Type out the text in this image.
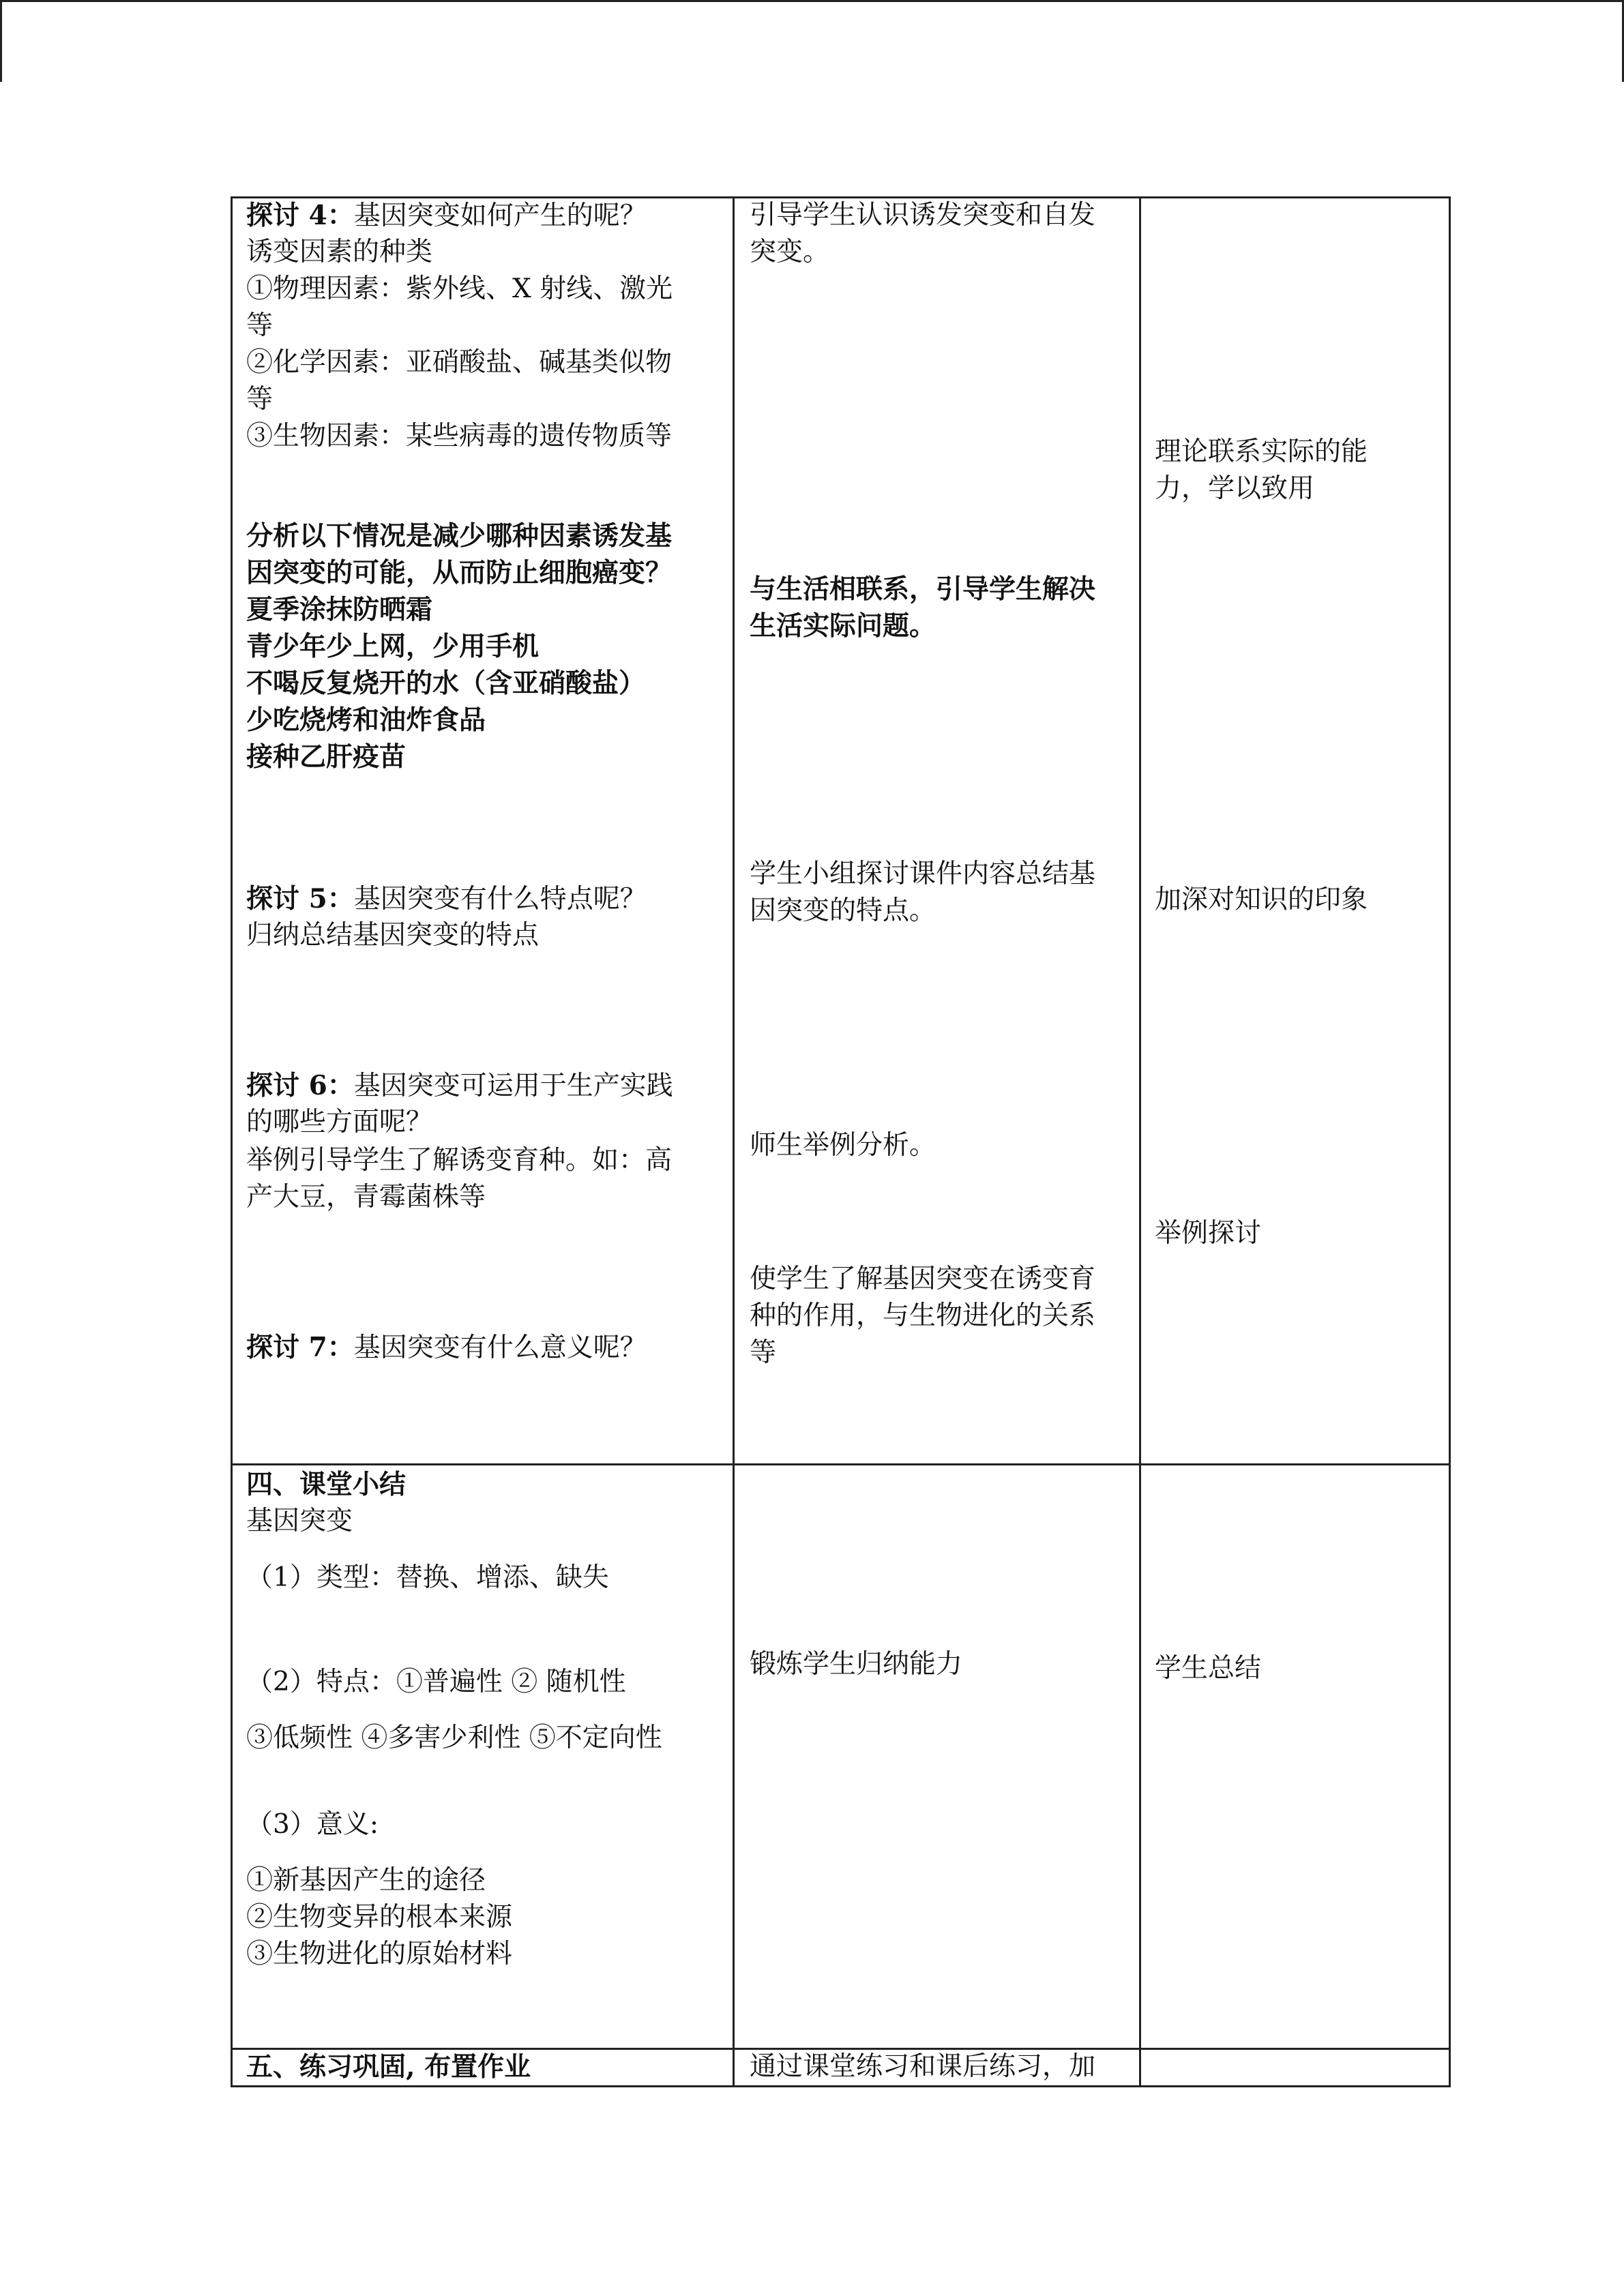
探讨 4：基因突变如何产生的呢？
诱变因素的种类
①物理因素：紫外线、X 射线、激光
等
②化学因素：亚硝酸盐、碱基类似物
等
③生物因素：某些病毒的遗传物质等
分析以下情况是减少哪种因素诱发基
因突变的可能，从而防止细胞癌变？
夏季涂抹防晒霜
青少年少上网，少用手机
不喝反复烧开的水（含亚硝酸盐）
少吃烧烤和油炸食品
接种乙肝疫苗
探讨 5：基因突变有什么特点呢？
归纳总结基因突变的特点
探讨 6：基因突变可运用于生产实践
的哪些方面呢？
举例引导学生了解诱变育种。如：高
产大豆，青霉菌株等
探讨 7：基因突变有什么意义呢？
引导学生认识诱发突变和自发
突变。
与生活相联系，引导学生解决
生活实际问题。
学生小组探讨课件内容总结基
因突变的特点。
师生举例分析。
使学生了解基因突变在诱变育
种的作用，与生物进化的关系
等
理论联系实际的能
力，学以致用
加深对知识的印象
举例探讨
四、课堂小结
基因突变
（1）类型：替换、增添、缺失
（2）特点：①普遍性 ② 随机性
③低频性 ④多害少利性 ⑤不定向性
（3）意义:
①新基因产生的途径
②生物变异的根本来源
③生物进化的原始材料
锻炼学生归纳能力	学生总结
五、练习巩固, 布置作业	通过课堂练习和课后练习，加
